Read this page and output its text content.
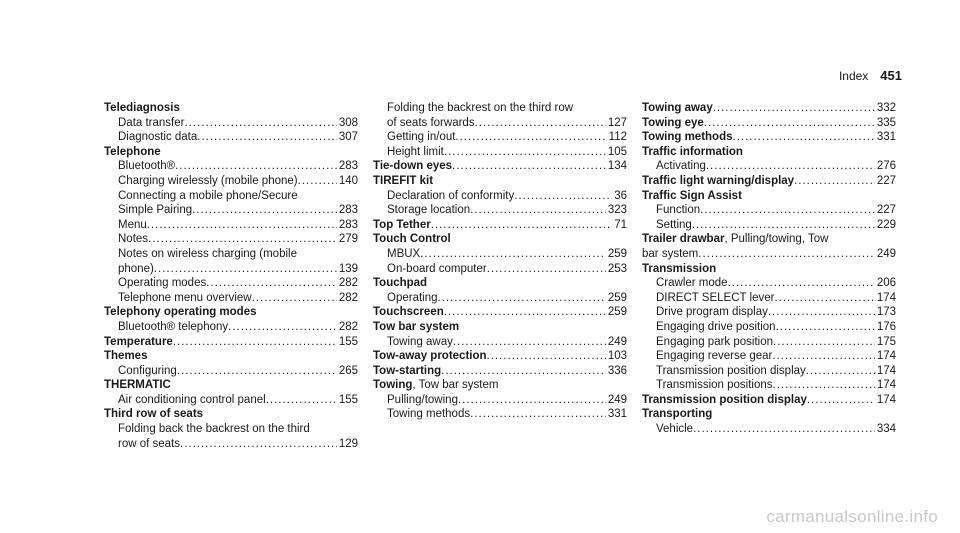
Index 451
Telediagnosis
Data transfer .....	308
Diagnostic data .....	307
Telephone
Bluetooth® .....	283
Charging wirelessly (mobile phone) .....	140
Connecting a mobile phone/Secure
Simple Pairing .....	283
Menu .....	283
Notes .....	279
Notes on wireless charging (mobile
phone) .....	139
Operating modes .....	282
Telephone menu overview .....	282
Telephony operating modes
Bluetooth® telephony .....	282
Temperature .....	155
Themes
Configuring .....	265
THERMATIC
Air conditioning control panel .....	155
Third row of seats
Folding back the backrest on the third
row of seats .....	129
Folding the backrest on the third row
of seats forwards .....	127
Getting in/out .....	112
Height limit .....	105
Tie-down eyes .....	134
TIREFIT kit
Declaration of conformity .....	36
Storage location .....	323
Top Tether .....	71
Touch Control
MBUX .....	259
On-board computer .....	253
Touchpad
Operating .....	259
Touchscreen .....	259
Tow bar system
Towing away .....	249
Tow-away protection .....	103
Tow-starting .....	336
Towing , Tow bar system
Pulling/towing .....	249
Towing methods .....	331
Towing away .....	332
Towing eye .....	335
Towing methods .....	331
Traffic information
Activating .....	276
Traffic light warning/display .....	227
Traffic Sign Assist
Function .....	227
Setting .....	229
Trailer drawbar , Pulling/towing, Tow
bar system .....	249
Transmission
Crawler mode .....	206
DIRECT SELECT lever .....	174
Drive program display .....	173
Engaging drive position .....	176
Engaging park position .....	175
Engaging reverse gear .....	174
Transmission position display .....	174
Transmission positions .....	174
Transmission position display .....	174
Transporting
Vehicle .....	334
carmanualsonline.info
